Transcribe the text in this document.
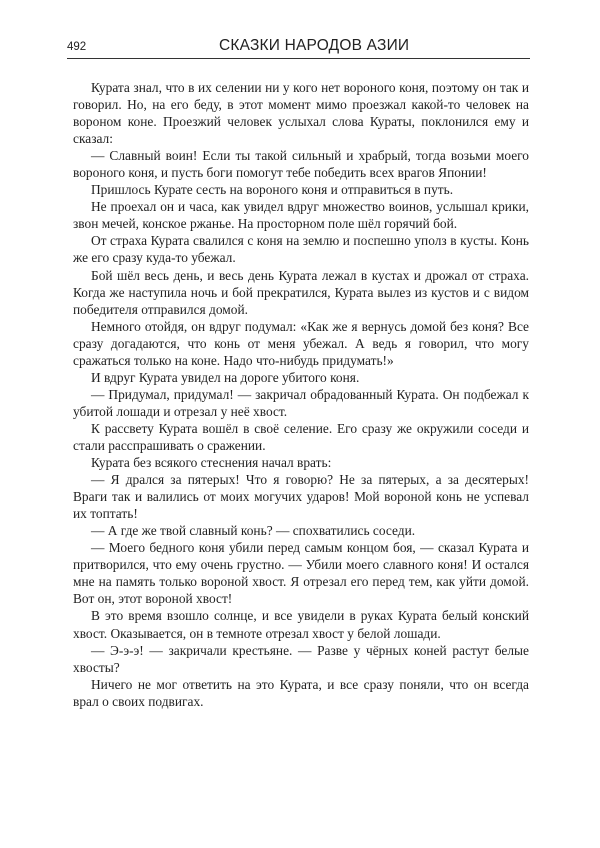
492	СКАЗКИ НАРОДОВ АЗИИ

Курата знал, что в их селении ни у кого нет вороного коня, поэтому он так и говорил. Но, на его беду, в этот момент мимо проезжал какой-то человек на вороном коне. Проезжий человек услыхал слова Кураты, поклонился ему и сказал:

— Славный воин! Если ты такой сильный и храбрый, тогда возьми моего вороного коня, и пусть боги помогут тебе победить всех врагов Японии!

Пришлось Курате сесть на вороного коня и отправиться в путь.

Не проехал он и часа, как увидел вдруг множество воинов, услышал крики, звон мечей, конское ржанье. На просторном поле шёл горячий бой.

От страха Курата свалился с коня на землю и поспешно уполз в кусты. Конь же его сразу куда-то убежал.

Бой шёл весь день, и весь день Курата лежал в кустах и дрожал от страха. Когда же наступила ночь и бой прекратился, Курата вылез из кустов и с видом победителя отправился домой.

Немного отойдя, он вдруг подумал: «Как же я вернусь домой без коня? Все сразу догадаются, что конь от меня убежал. А ведь я говорил, что могу сражаться только на коне. Надо что-нибудь придумать!»

И вдруг Курата увидел на дороге убитого коня.

— Придумал, придумал! — закричал обрадованный Курата. Он подбежал к убитой лошади и отрезал у неё хвост.

К рассвету Курата вошёл в своё селение. Его сразу же окружили соседи и стали расспрашивать о сражении.

Курата без всякого стеснения начал врать:

— Я дрался за пятерых! Что я говорю? Не за пятерых, а за десятерых! Враги так и валились от моих могучих ударов! Мой вороной конь не успевал их топтать!

— А где же твой славный конь? — спохватились соседи.

— Моего бедного коня убили перед самым концом боя, — сказал Курата и притворился, что ему очень грустно. — Убили моего славного коня! И остался мне на память только вороной хвост. Я отрезал его перед тем, как уйти домой. Вот он, этот вороной хвост!

В это время взошло солнце, и все увидели в руках Курата белый конский хвост. Оказывается, он в темноте отрезал хвост у белой лошади.

— Э-э-э! — закричали крестьяне. — Разве у чёрных коней растут белые хвосты?

Ничего не мог ответить на это Курата, и все сразу поняли, что он всегда врал о своих подвигах.
